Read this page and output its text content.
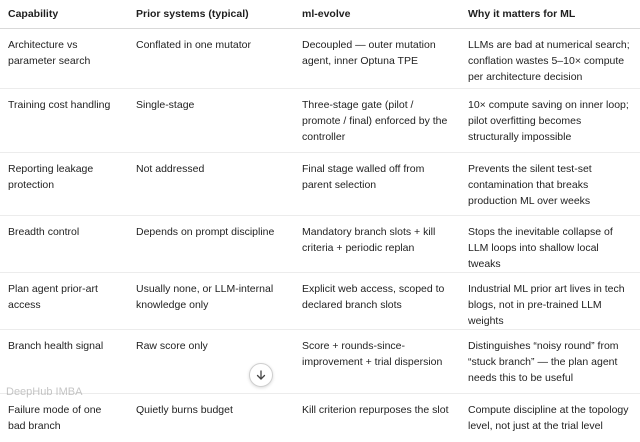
Capability	Prior systems (typical)	ml-evolve	Why it matters for ML
Architecture vs parameter search	Conflated in one mutator	Decoupled — outer mutation agent, inner Optuna TPE	LLMs are bad at numerical search; conflation wastes 5–10× compute per architecture decision
Training cost handling	Single-stage	Three-stage gate (pilot / promote / final) enforced by the controller	10× compute saving on inner loop; pilot overfitting becomes structurally impossible
Reporting leakage protection	Not addressed	Final stage walled off from parent selection	Prevents the silent test-set contamination that breaks production ML over weeks
Breadth control	Depends on prompt discipline	Mandatory branch slots + kill criteria + periodic replan	Stops the inevitable collapse of LLM loops into shallow local tweaks
Plan agent prior-art access	Usually none, or LLM-internal knowledge only	Explicit web access, scoped to declared branch slots	Industrial ML prior art lives in tech blogs, not in pre-trained LLM weights
Branch health signal	Raw score only	Score + rounds-since-improvement + trial dispersion	Distinguishes “noisy round” from “stuck branch” — the plan agent needs this to be useful
Failure mode of one bad branch	Quietly burns budget	Kill criterion repurposes the slot	Compute discipline at the topology level, not just at the trial level
DeepHub IMBA
